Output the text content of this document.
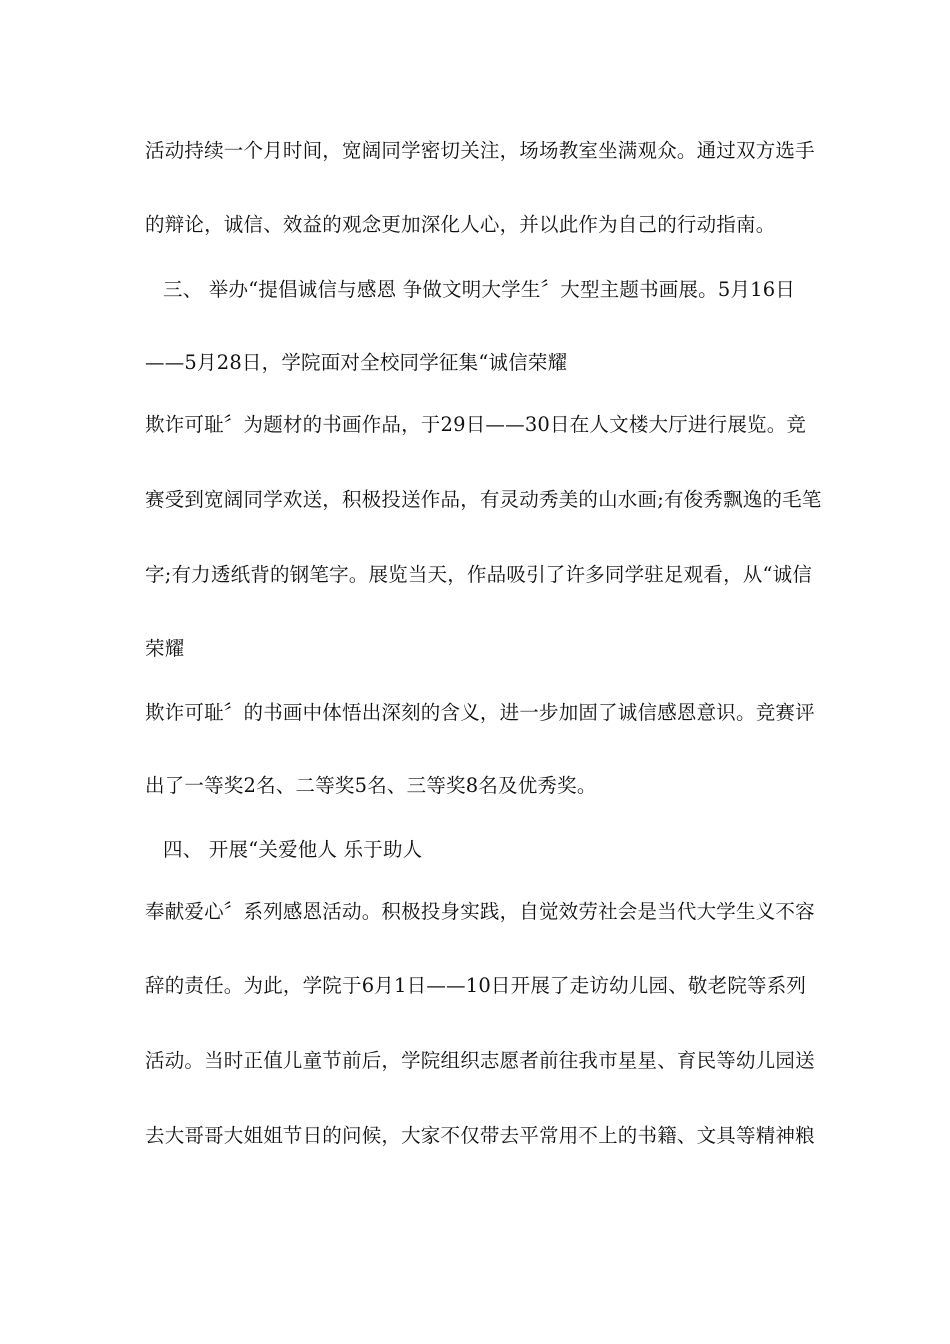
活动持续一个月时间，宽阔同学密切关注，场场教室坐满观众。通过双方选手
的辩论，诚信、效益的观念更加深化人心，并以此作为自己的行动指南。
三、 举办“提倡诚信与感恩 争做文明大学生〞大型主题书画展。5月16日
——5月28日，学院面对全校同学征集“诚信荣耀
欺诈可耻〞为题材的书画作品，于29日——30日在人文楼大厅进行展览。竞
赛受到宽阔同学欢送，积极投送作品，有灵动秀美的山水画;有俊秀飘逸的毛笔
字;有力透纸背的钢笔字。展览当天，作品吸引了许多同学驻足观看，从“诚信
荣耀
欺诈可耻〞的书画中体悟出深刻的含义，进一步加固了诚信感恩意识。竞赛评
出了一等奖2名、二等奖5名、三等奖8名及优秀奖。
四、 开展“关爱他人 乐于助人
奉献爱心〞系列感恩活动。积极投身实践，自觉效劳社会是当代大学生义不容
辞的责任。为此，学院于6月1日——10日开展了走访幼儿园、敬老院等系列
活动。当时正值儿童节前后，学院组织志愿者前往我市星星、育民等幼儿园送
去大哥哥大姐姐节日的问候，大家不仅带去平常用不上的书籍、文具等精神粮
